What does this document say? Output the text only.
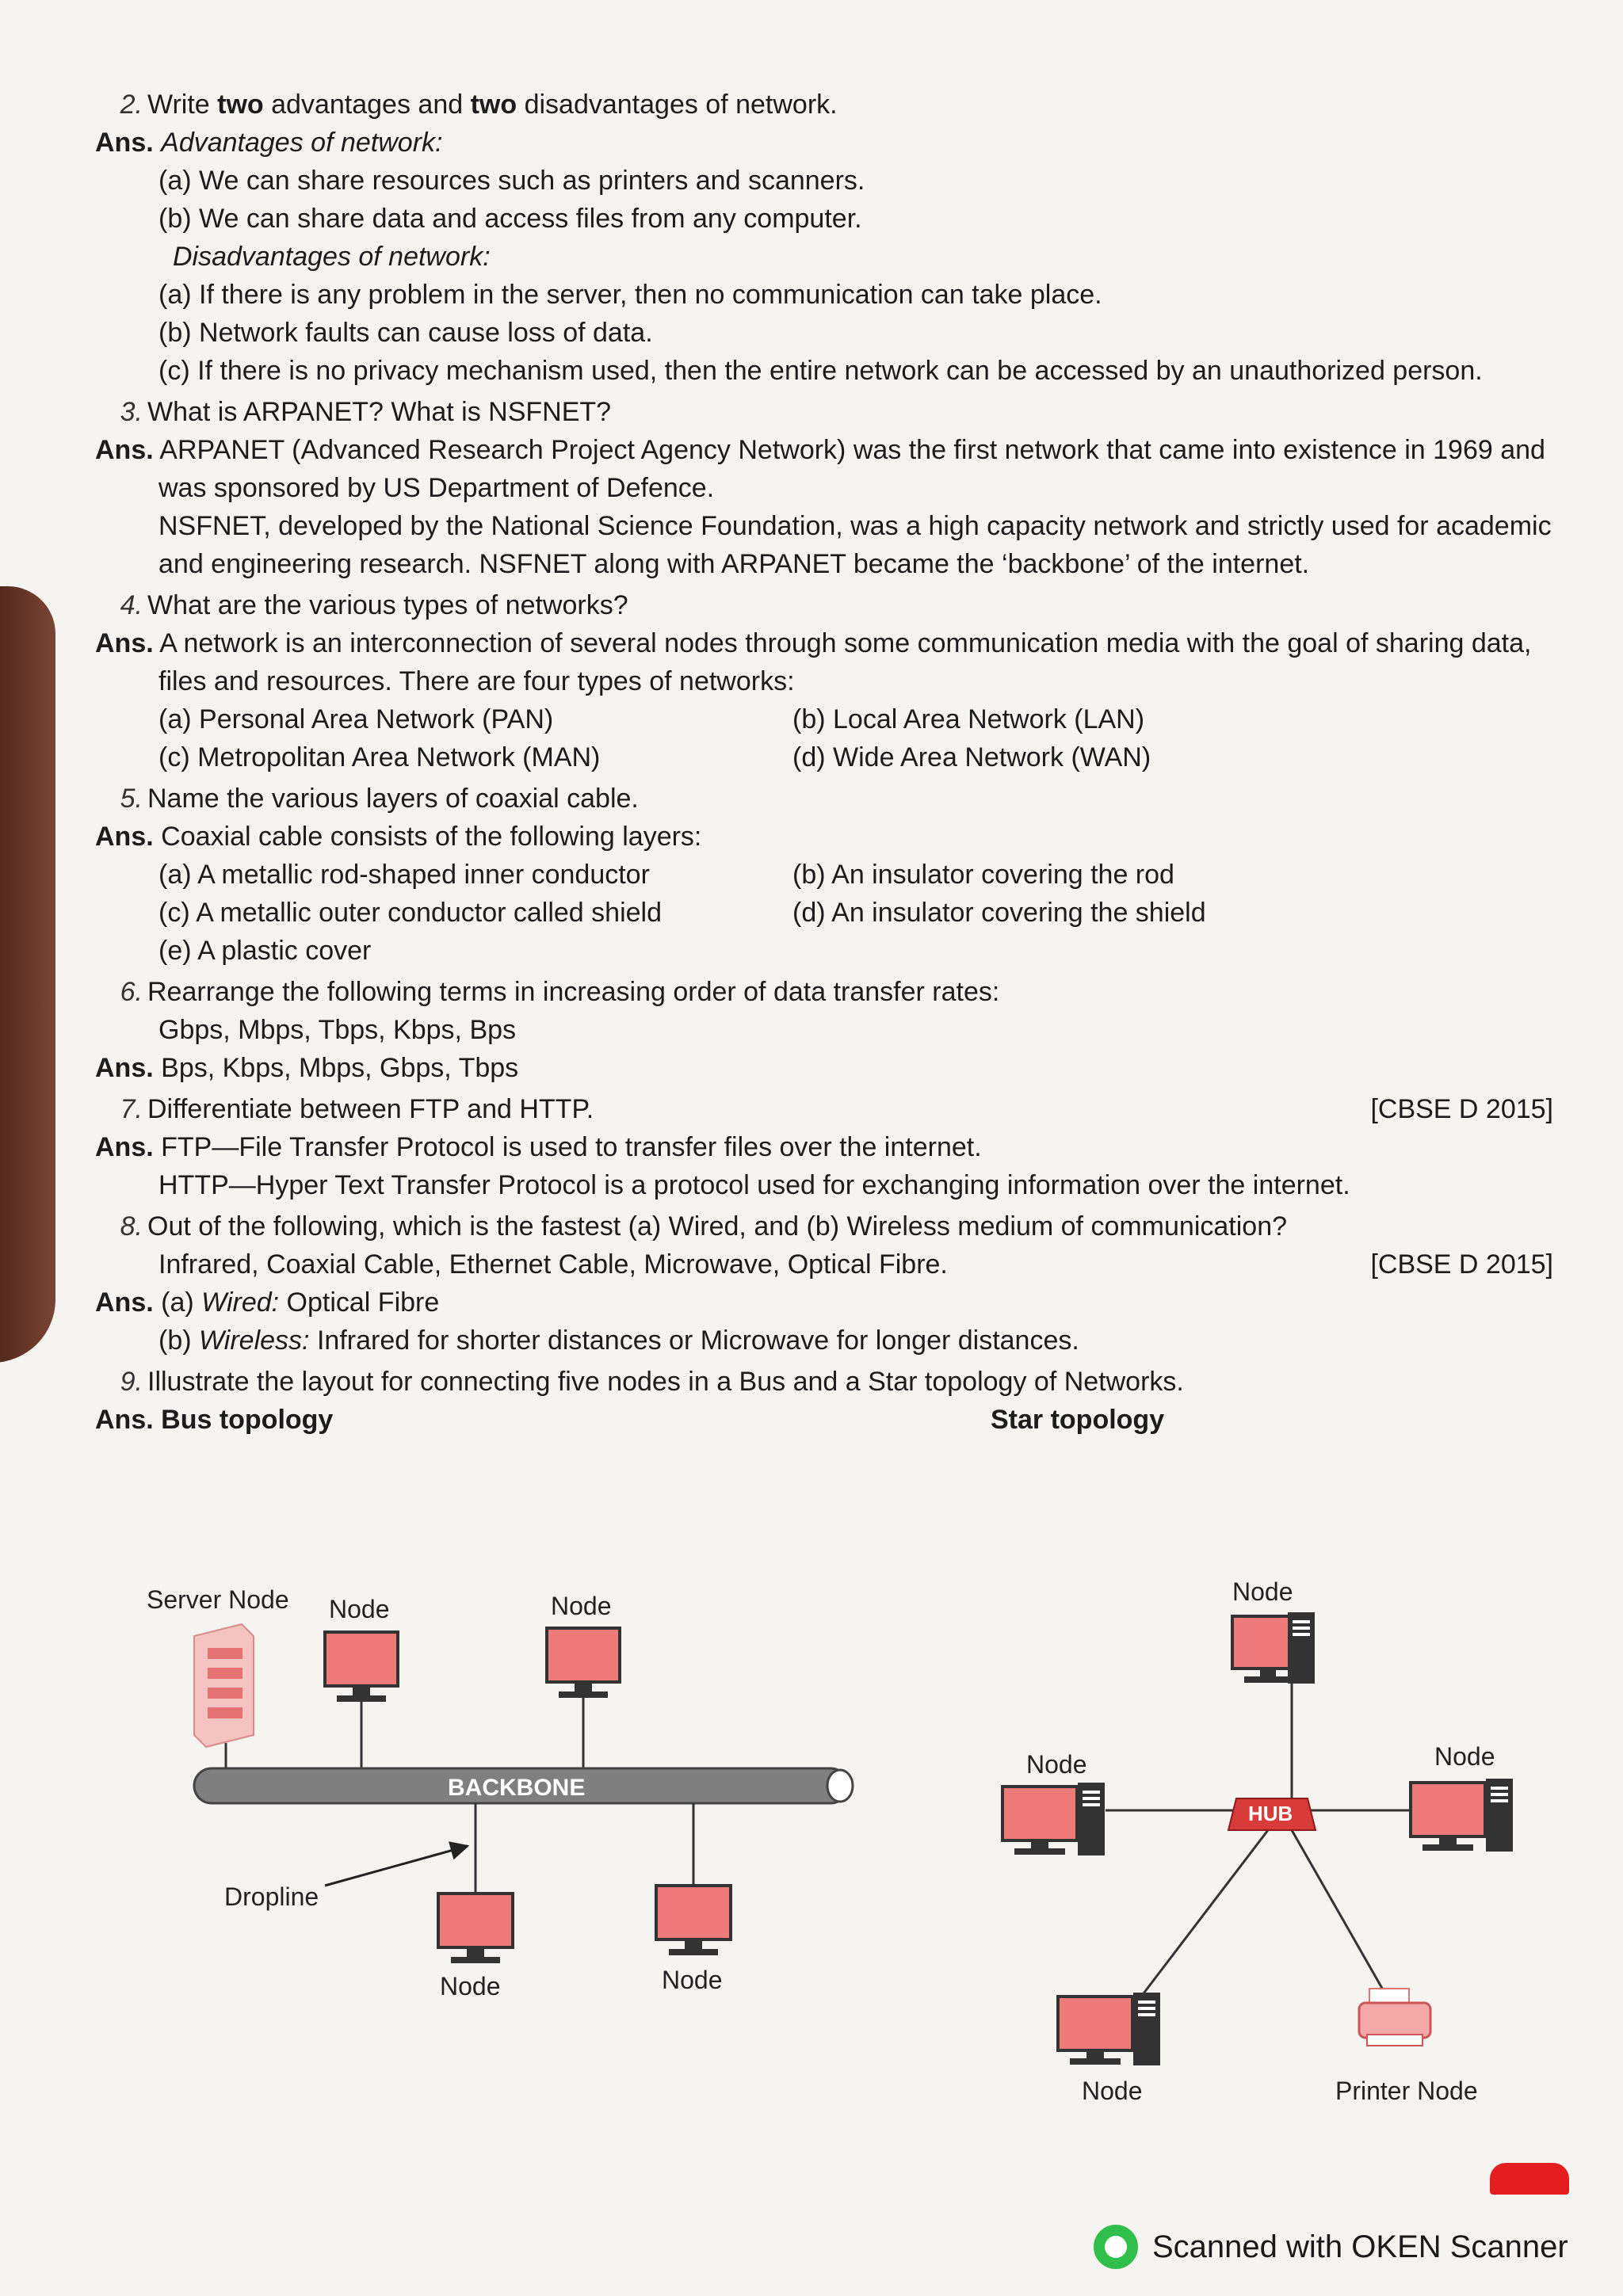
2. Write two advantages and two disadvantages of network.
Ans. Advantages of network:
(a) We can share resources such as printers and scanners.
(b) We can share data and access files from any computer.
Disadvantages of network:
(a) If there is any problem in the server, then no communication can take place.
(b) Network faults can cause loss of data.
(c) If there is no privacy mechanism used, then the entire network can be accessed by an unauthorized person.
3. What is ARPANET? What is NSFNET?
Ans. ARPANET (Advanced Research Project Agency Network) was the first network that came into existence in 1969 and was sponsored by US Department of Defence.
NSFNET, developed by the National Science Foundation, was a high capacity network and strictly used for academic and engineering research. NSFNET along with ARPANET became the ‘backbone’ of the internet.
4. What are the various types of networks?
Ans. A network is an interconnection of several nodes through some communication media with the goal of sharing data, files and resources. There are four types of networks:
(a) Personal Area Network (PAN)	(b) Local Area Network (LAN)
(c) Metropolitan Area Network (MAN)	(d) Wide Area Network (WAN)
5. Name the various layers of coaxial cable.
Ans. Coaxial cable consists of the following layers:
(a) A metallic rod-shaped inner conductor	(b) An insulator covering the rod
(c) A metallic outer conductor called shield	(d) An insulator covering the shield
(e) A plastic cover
6. Rearrange the following terms in increasing order of data transfer rates:
Gbps, Mbps, Tbps, Kbps, Bps
Ans. Bps, Kbps, Mbps, Gbps, Tbps
7. Differentiate between FTP and HTTP.	[CBSE D 2015]
Ans. FTP—File Transfer Protocol is used to transfer files over the internet.
HTTP—Hyper Text Transfer Protocol is a protocol used for exchanging information over the internet.
8. Out of the following, which is the fastest (a) Wired, and (b) Wireless medium of communication?
Infrared, Coaxial Cable, Ethernet Cable, Microwave, Optical Fibre.	[CBSE D 2015]
Ans. (a) Wired: Optical Fibre
(b) Wireless: Infrared for shorter distances or Microwave for longer distances.
9. Illustrate the layout for connecting five nodes in a Bus and a Star topology of Networks.
Ans. Bus topology	Star topology
Server Node Node	Node
BACKBONE
Node	Node
Dropline
Node
Node
HUB
Node
Node	Printer Node
Scanned with OKEN Scanner
